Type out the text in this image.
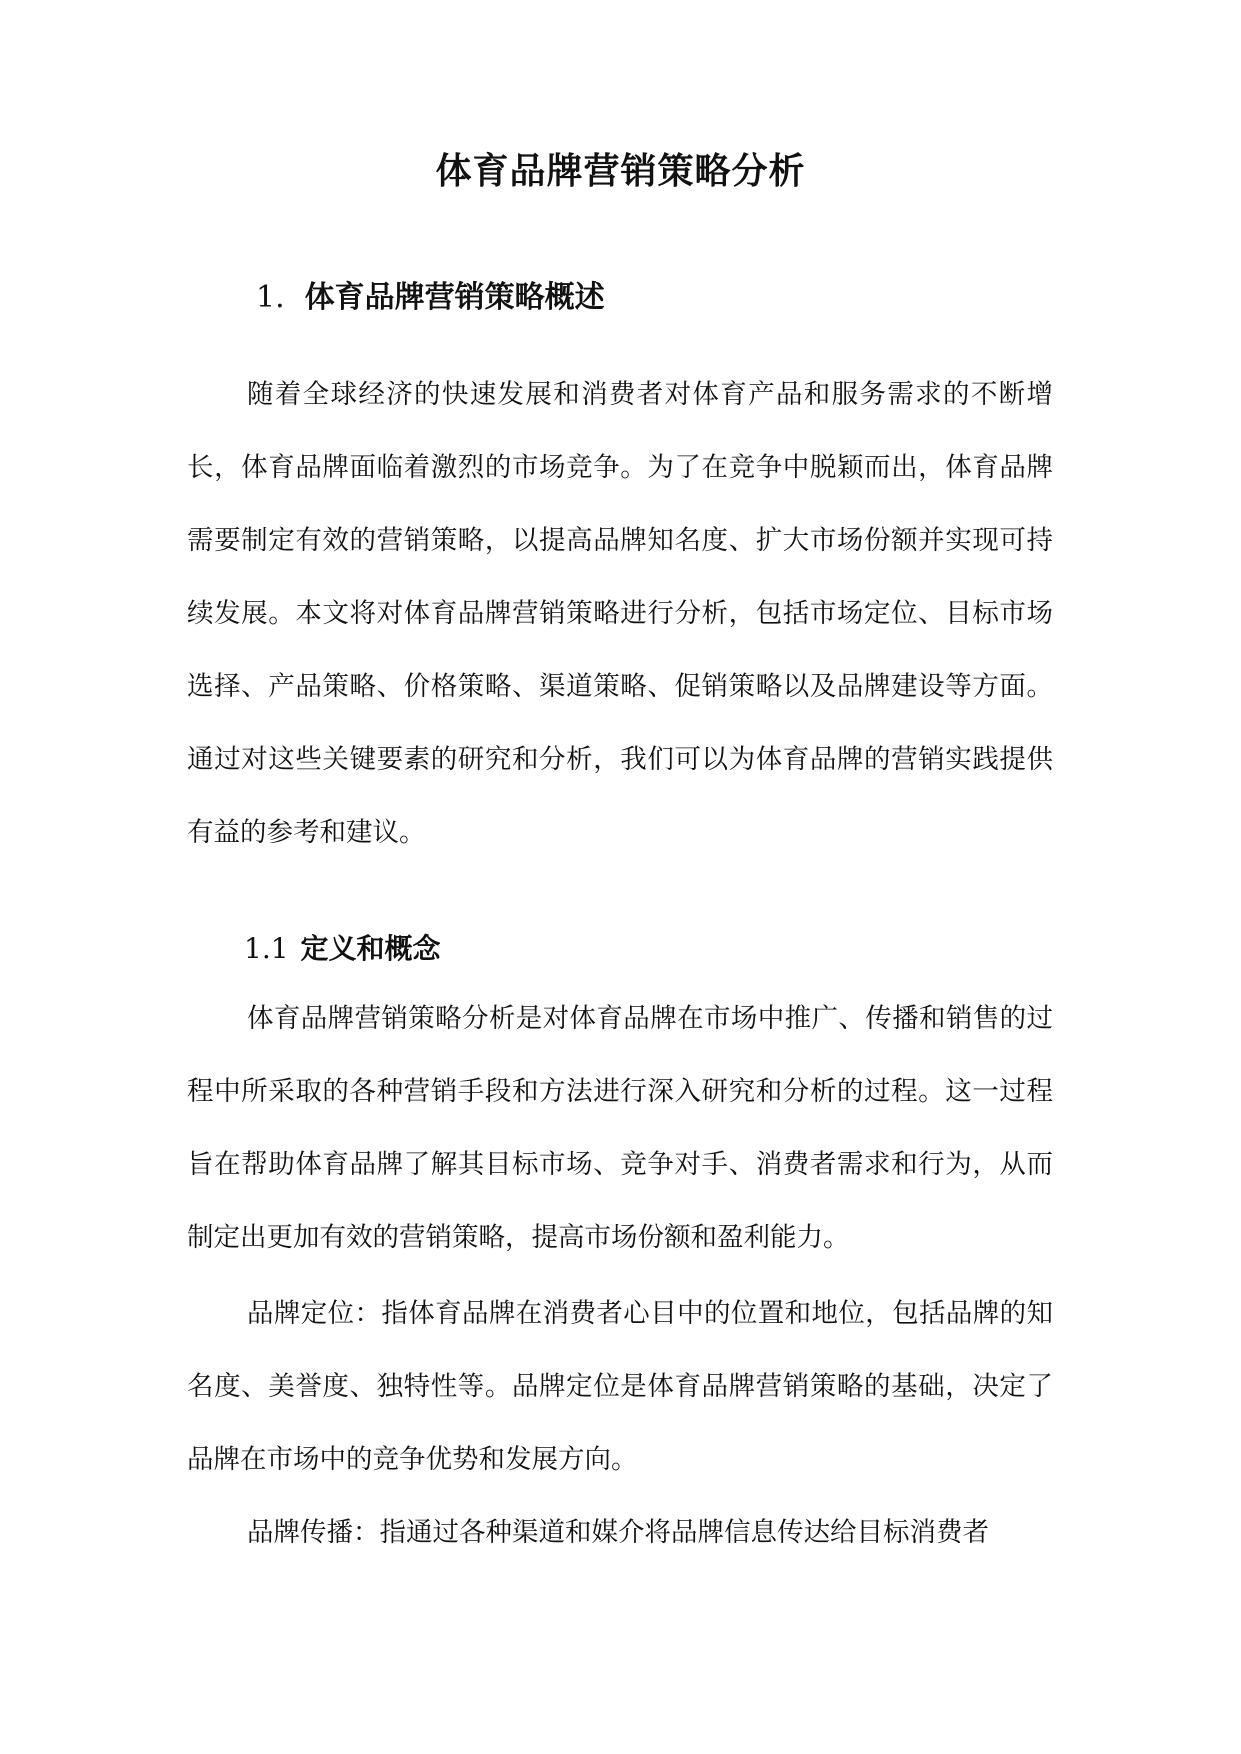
体育品牌营销策略分析
1. 体育品牌营销策略概述

随着全球经济的快速发展和消费者对体育产品和服务需求的不断增长，体育品牌面临着激烈的市场竞争。为了在竞争中脱颖而出，体育品牌需要制定有效的营销策略，以提高品牌知名度、扩大市场份额并实现可持续发展。本文将对体育品牌营销策略进行分析，包括市场定位、目标市场选择、产品策略、价格策略、渠道策略、促销策略以及品牌建设等方面。通过对这些关键要素的研究和分析，我们可以为体育品牌的营销实践提供有益的参考和建议。

1.1 定义和概念

体育品牌营销策略分析是对体育品牌在市场中推广、传播和销售的过程中所采取的各种营销手段和方法进行深入研究和分析的过程。这一过程旨在帮助体育品牌了解其目标市场、竞争对手、消费者需求和行为，从而制定出更加有效的营销策略，提高市场份额和盈利能力。

品牌定位：指体育品牌在消费者心目中的位置和地位，包括品牌的知名度、美誉度、独特性等。品牌定位是体育品牌营销策略的基础，决定了品牌在市场中的竞争优势和发展方向。

品牌传播：指通过各种渠道和媒介将品牌信息传达给目标消费者
